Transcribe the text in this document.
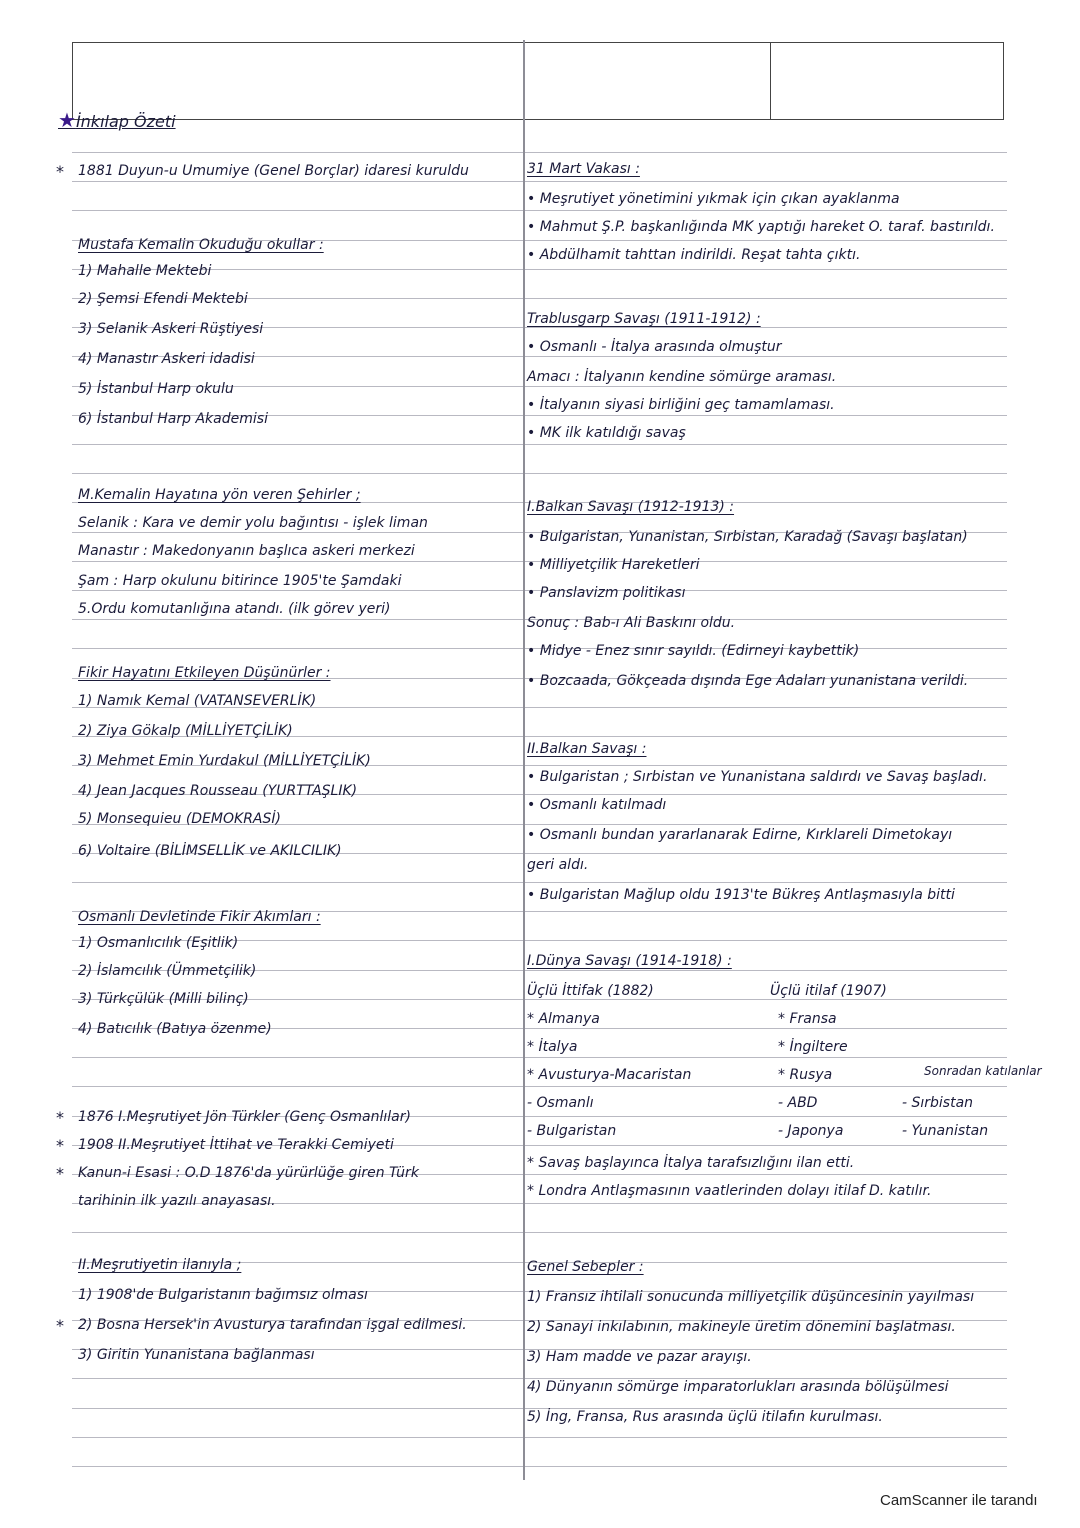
★İnkılap Özeti
1881 Duyun-u Umumiye (Genel Borçlar) idaresi kuruldu
*
Mustafa Kemalin Okuduğu okullar :
1) Mahalle Mektebi
2) Şemsi Efendi Mektebi
3) Selanik Askeri Rüştiyesi
4) Manastır Askeri idadisi
5) İstanbul Harp okulu
6) İstanbul Harp Akademisi
M.Kemalin Hayatına yön veren Şehirler ;
Selanik : Kara ve demir yolu bağıntısı - işlek liman
Manastır : Makedonyanın başlıca askeri merkezi
Şam : Harp okulunu bitirince 1905'te Şamdaki
5.Ordu komutanlığına atandı. (ilk görev yeri)
Fikir Hayatını Etkileyen Düşünürler :
1) Namık Kemal (VATANSEVERLİK)
2) Ziya Gökalp (MİLLİYETÇİLİK)
3) Mehmet Emin Yurdakul (MİLLİYETÇİLİK)
4) Jean Jacques Rousseau (YURTTAŞLIK)
5) Monsequieu (DEMOKRASİ)
6) Voltaire (BİLİMSELLİK ve AKILCILIK)
Osmanlı Devletinde Fikir Akımları :
1) Osmanlıcılık (Eşitlik)
2) İslamcılık (Ümmetçilik)
3) Türkçülük (Milli bilinç)
4) Batıcılık (Batıya özenme)
1876 I.Meşrutiyet Jön Türkler (Genç Osmanlılar)
*
1908 II.Meşrutiyet İttihat ve Terakki Cemiyeti
*
Kanun-i Esasi : O.D 1876'da yürürlüğe giren Türk
*
tarihinin ilk yazılı anayasası.
II.Meşrutiyetin ilanıyla ;
1) 1908'de Bulgaristanın bağımsız olması
2) Bosna Hersek'in Avusturya tarafından işgal edilmesi.
*
3) Giritin Yunanistana bağlanması
31 Mart Vakası :
• Meşrutiyet yönetimini yıkmak için çıkan ayaklanma
• Mahmut Ş.P. başkanlığında MK yaptığı hareket O. taraf. bastırıldı.
• Abdülhamit tahttan indirildi. Reşat tahta çıktı.
Trablusgarp Savaşı (1911-1912) :
• Osmanlı - İtalya arasında olmuştur
Amacı : İtalyanın kendine sömürge araması.
• İtalyanın siyasi birliğini geç tamamlaması.
• MK ilk katıldığı savaş
I.Balkan Savaşı (1912-1913) :
• Bulgaristan, Yunanistan, Sırbistan, Karadağ (Savaşı başlatan)
• Milliyetçilik Hareketleri
• Panslavizm politikası
Sonuç : Bab-ı Ali Baskını oldu.
• Midye - Enez sınır sayıldı. (Edirneyi kaybettik)
• Bozcaada, Gökçeada dışında Ege Adaları yunanistana verildi.
II.Balkan Savaşı :
• Bulgaristan ; Sırbistan ve Yunanistana saldırdı ve Savaş başladı.
• Osmanlı katılmadı
• Osmanlı bundan yararlanarak Edirne, Kırklareli Dimetokayı
geri aldı.
• Bulgaristan Mağlup oldu 1913'te Bükreş Antlaşmasıyla bitti
I.Dünya Savaşı (1914-1918) :
Üçlü İttifak (1882)	Üçlü itilaf (1907)
* Almanya
* İtalya
* Avusturya-Macaristan
- Osmanlı
- Bulgaristan
* Fransa
* İngiltere
* Rusya
- ABD
- Japonya
Sonradan katılanlar
- Sırbistan
- Yunanistan
* Savaş başlayınca İtalya tarafsızlığını ilan etti.
* Londra Antlaşmasının vaatlerinden dolayı itilaf D. katılır.
Genel Sebepler :
1) Fransız ihtilali sonucunda milliyetçilik düşüncesinin yayılması
2) Sanayi inkılabının, makineyle üretim dönemini başlatması.
3) Ham madde ve pazar arayışı.
4) Dünyanın sömürge imparatorlukları arasında bölüşülmesi
5) İng, Fransa, Rus arasında üçlü itilafın kurulması.
CamScanner ile tarandı
